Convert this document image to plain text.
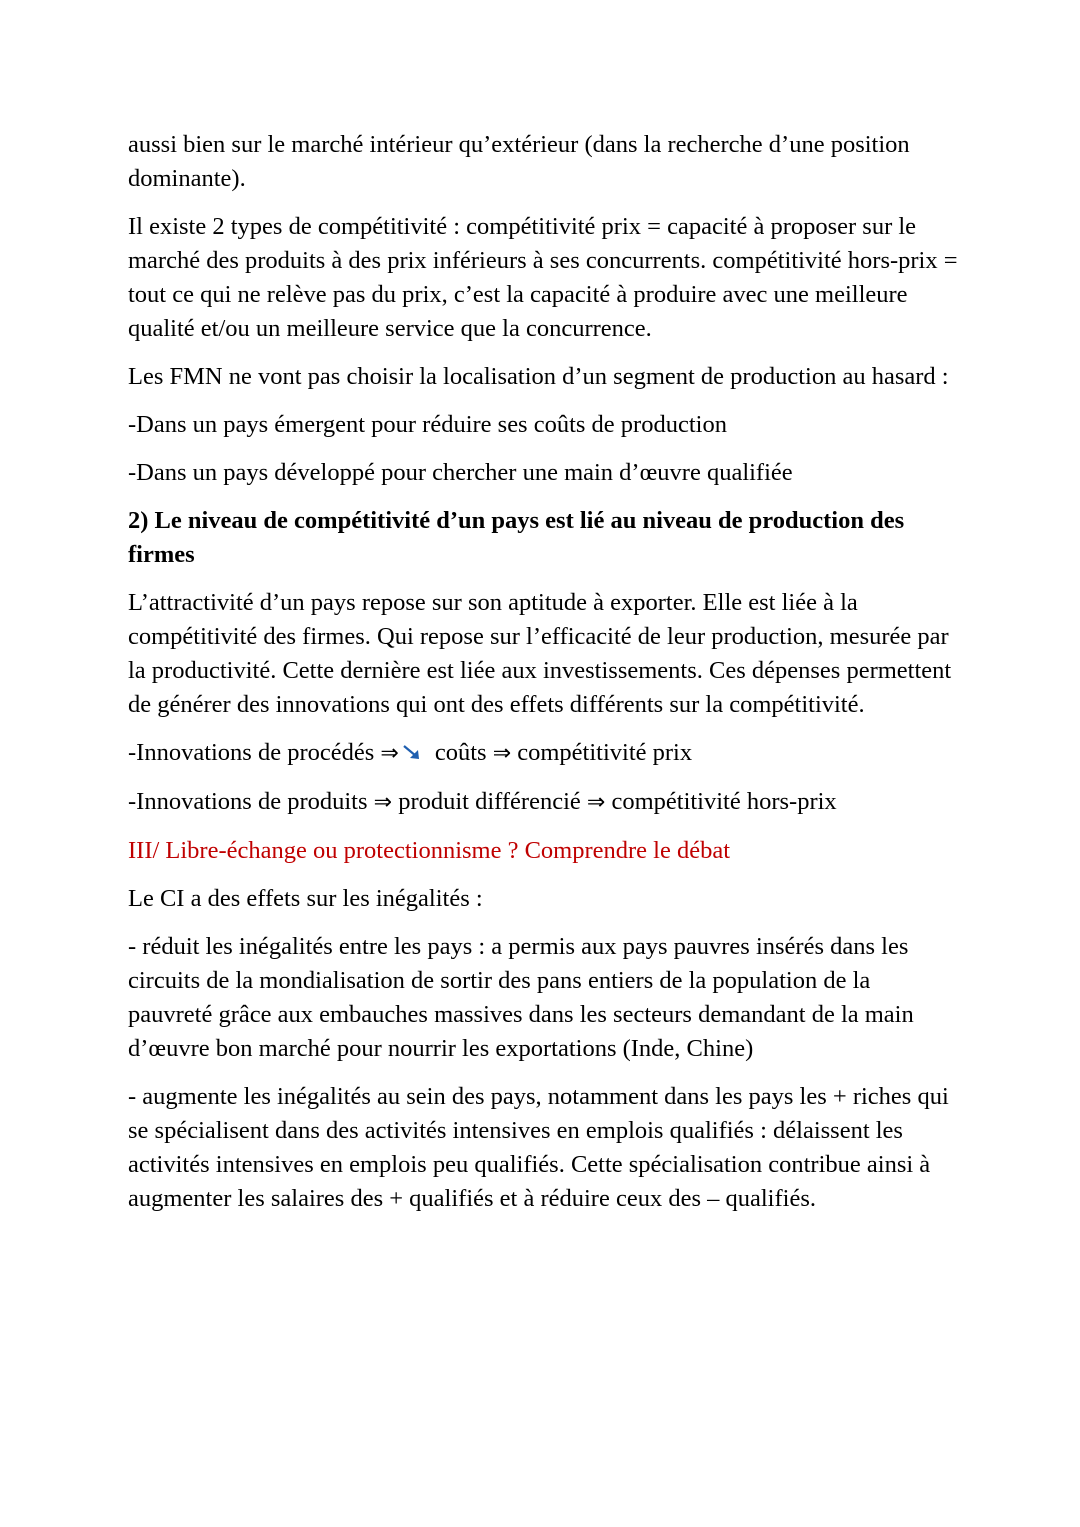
aussi bien sur le marché intérieur qu’extérieur (dans la recherche d’une position dominante).

Il existe 2 types de compétitivité : compétitivité prix = capacité à proposer sur le marché des produits à des prix inférieurs à ses concurrents. compétitivité hors-prix = tout ce qui ne relève pas du prix, c’est la capacité à produire avec une meilleure qualité et/ou un meilleure service que la concurrence.

Les FMN ne vont pas choisir la localisation d’un segment de production au hasard :

-Dans un pays émergent pour réduire ses coûts de production

-Dans un pays développé pour chercher une main d’œuvre qualifiée

2) Le niveau de compétitivité d’un pays est lié au niveau de production des firmes

L’attractivité d’un pays repose sur son aptitude à exporter. Elle est liée à la compétitivité des firmes. Qui repose sur l’efficacité de leur production, mesurée par la productivité. Cette dernière est liée aux investissements. Ces dépenses permettent de générer des innovations qui ont des effets différents sur la compétitivité.

-Innovations de procédés ⇒ coûts ⇒ compétitivité prix

-Innovations de produits ⇒ produit différencié ⇒ compétitivité hors-prix

III/ Libre-échange ou protectionnisme ? Comprendre le débat

Le CI a des effets sur les inégalités :

- réduit les inégalités entre les pays : a permis aux pays pauvres insérés dans les circuits de la mondialisation de sortir des pans entiers de la population de la pauvreté grâce aux embauches massives dans les secteurs demandant de la main d’œuvre bon marché pour nourrir les exportations (Inde, Chine)

- augmente les inégalités au sein des pays, notamment dans les pays les + riches qui se spécialisent dans des activités intensives en emplois qualifiés : délaissent les activités intensives en emplois peu qualifiés. Cette spécialisation contribue ainsi à augmenter les salaires des + qualifiés et à réduire ceux des – qualifiés.
